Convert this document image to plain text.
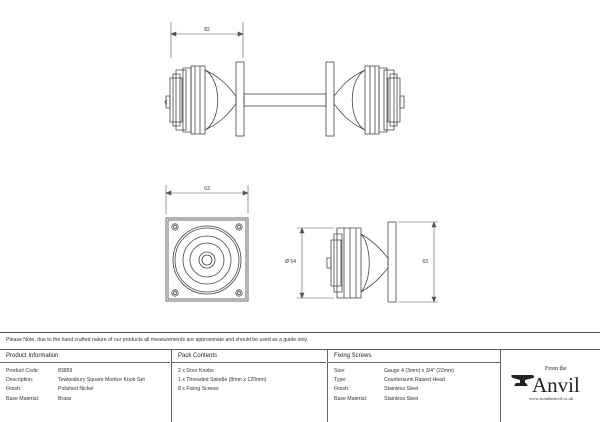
82
63
Ø 54	63
Please Note, due to the hand crafted nature of our products all measurements are approximate and should be used as a guide only.
Product Information
Product Code:	83859
Description:	Tewkesbury Square Mortice Knob Set
Finish:	Polished Nickel
Base Material:	Brass
Pack Contents
2 x Door Knobs
1 x Threaded Spindle (8mm x 120mm)
8 x Fixing Screws
Fixing Screws
Size:	Gauge 4 (3mm) x 3/4" (22mm)
Type:	Countersunk Raised Head
Finish:	Stainless Steel
Base Material:	Stainless Steel
From the
Anvil
www.fromtheanvil.co.uk
